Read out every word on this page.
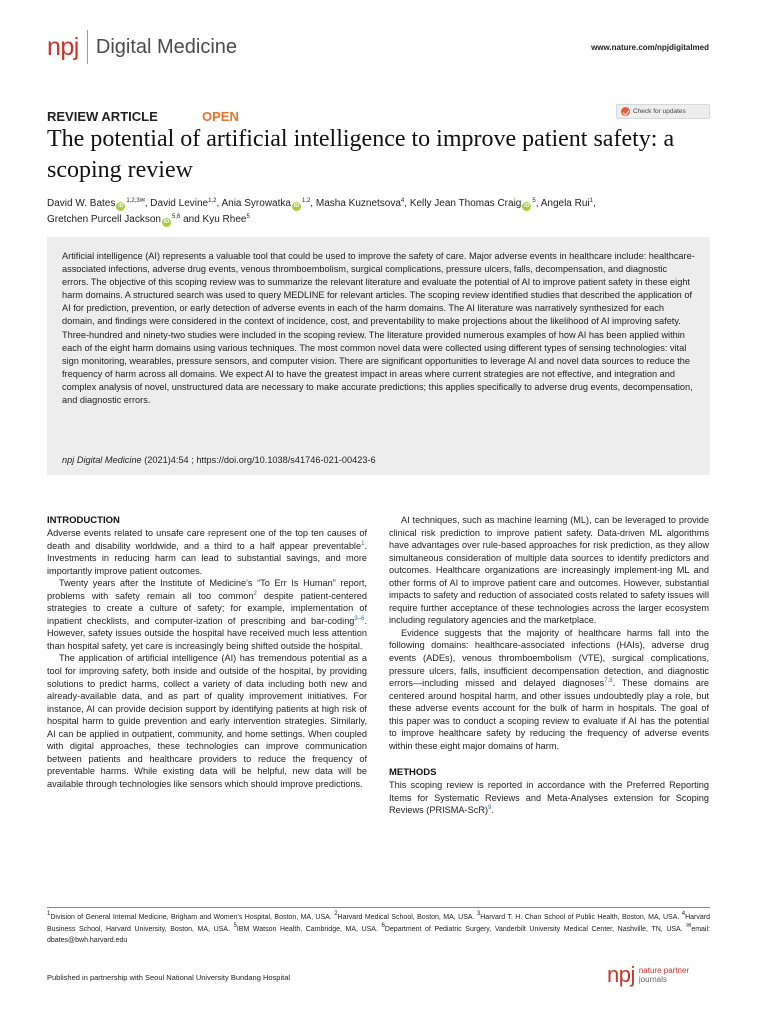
npj Digital Medicine	www.nature.com/npjdigitalmed
REVIEW ARTICLE	OPEN	Check for updates
The potential of artificial intelligence to improve patient safety: a scoping review
David W. Bates $iD^{1,2,3✉}$, David Levine$^{1,2}$, Ania Syrowatka iD$^{1,2}$, Masha Kuznetsova$^4$, Kelly Jean Thomas Craig $iD^5$, Angela Rui$^1$,
Gretchen Purcell Jackson iD$^{5,6}$ and Kyu Rhee$^5$

Artificial intelligence (AI) represents a valuable tool that could be used to improve the safety of care. Major adverse events in healthcare include: healthcare-associated infections, adverse drug events, venous thromboembolism, surgical complications, pressure ulcers, falls, decompensation, and diagnostic errors. The objective of this scoping review was to summarize the relevant literature and evaluate the potential of AI to improve patient safety in these eight harm domains. A structured search was used to query MEDLINE for relevant articles. The scoping review identified studies that described the application of AI for prediction, prevention, or early detection of adverse events in each of the harm domains. The AI literature was narratively synthesized for each domain, and findings were considered in the context of incidence, cost, and preventability to make projections about the likelihood of AI improving safety. Three-hundred and ninety-two studies were included in the scoping review. The literature provided numerous examples of how AI has been applied within each of the eight harm domains using various techniques. The most common novel data were collected using different types of sensing technologies: vital sign monitoring, wearables, pressure sensors, and computer vision. There are significant opportunities to leverage AI and novel data sources to reduce the frequency of harm across all domains. We expect AI to have the greatest impact in areas where current strategies are not effective, and integration and complex analysis of novel, unstructured data are necessary to make accurate predictions; this applies specifically to adverse drug events, decompensation, and diagnostic errors.

npj Digital Medicine (2021)4:54 ; https://doi.org/10.1038/s41746-021-00423-6
INTRODUCTION

Adverse events related to unsafe care represent one of the top ten causes of death and disability worldwide, and a third to a half appear preventable$^1$. Investments in reducing harm can lead to substantial savings, and more importantly improve patient outcomes.

Twenty years after the Institute of Medicine's “To Err Is Human” report, problems with safety remain all too common$^2$ despite patient-centered strategies to create a culture of safety; for example, implementation of inpatient checklists, and computer-ization of prescribing and bar-coding$^{3-6}$. However, safety issues outside the hospital have received much less attention than hospital safety, yet care is increasingly being shifted outside the hospital.

The application of artificial intelligence (AI) has tremendous potential as a tool for improving safety, both inside and outside of the hospital, by providing solutions to predict harms, collect a variety of data including both new and already-available data, and as part of quality improvement initiatives. For instance, AI can provide decision support by identifying patients at high risk of hospital harm to guide prevention and early intervention strategies. Similarly, AI can be applied in outpatient, community, and home settings. When coupled with digital approaches, these technologies can improve communication between patients and healthcare providers to reduce the frequency of preventable harms. While existing data will be helpful, new data will be available through technologies like sensors which should improve predictions.

AI techniques, such as machine learning (ML), can be leveraged to provide clinical risk prediction to improve patient safety. Data-driven ML algorithms have advantages over rule-based approaches for risk prediction, as they allow simultaneous consideration of multiple data sources to identify predictors and outcomes. Healthcare organizations are increasingly implement-ing ML and other forms of AI to improve patient care and outcomes. However, substantial impacts to safety and reduction of associated costs related to safety issues will require further acceptance of these technologies across the larger ecosystem including regulatory agencies and the marketplace.

Evidence suggests that the majority of healthcare harms fall into the following domains: healthcare-associated infections (HAIs), adverse drug events (ADEs), venous thromboembolism (VTE), surgical complications, pressure ulcers, falls, insufficient decompensation detection, and diagnostic errors—including missed and delayed diagnoses$^{7,8}$. These domains are centered around hospital harm, and other issues undoubtedly play a role, but these adverse events account for the bulk of harm in hospitals. The goal of this paper was to conduct a scoping review to evaluate if AI has the potential to improve healthcare safety by reducing the frequency of adverse events within these eight major domains of harm.

METHODS

This scoping review is reported in accordance with the Preferred Reporting Items for Systematic Reviews and Meta-Analyses extension for Scoping Reviews (PRISMA-ScR)$^9$.

$^1$Division of General Internal Medicine, Brigham and Women's Hospital, Boston, MA, USA. $^2$Harvard Medical School, Boston, MA, USA. $^3$Harvard T. H. Chan School of Public Health, Boston, MA, USA. $^4$Harvard Business School, Harvard University, Boston, MA, USA. $^5$IBM Watson Health, Cambridge, MA, USA. $^6$Department of Pediatric Surgery, Vanderbilt University Medical Center, Nashville, TN, USA. ✉email: dbates@bwh.harvard.edu

Published in partnership with Seoul National University Bundang Hospital	npj nature partner
journals
